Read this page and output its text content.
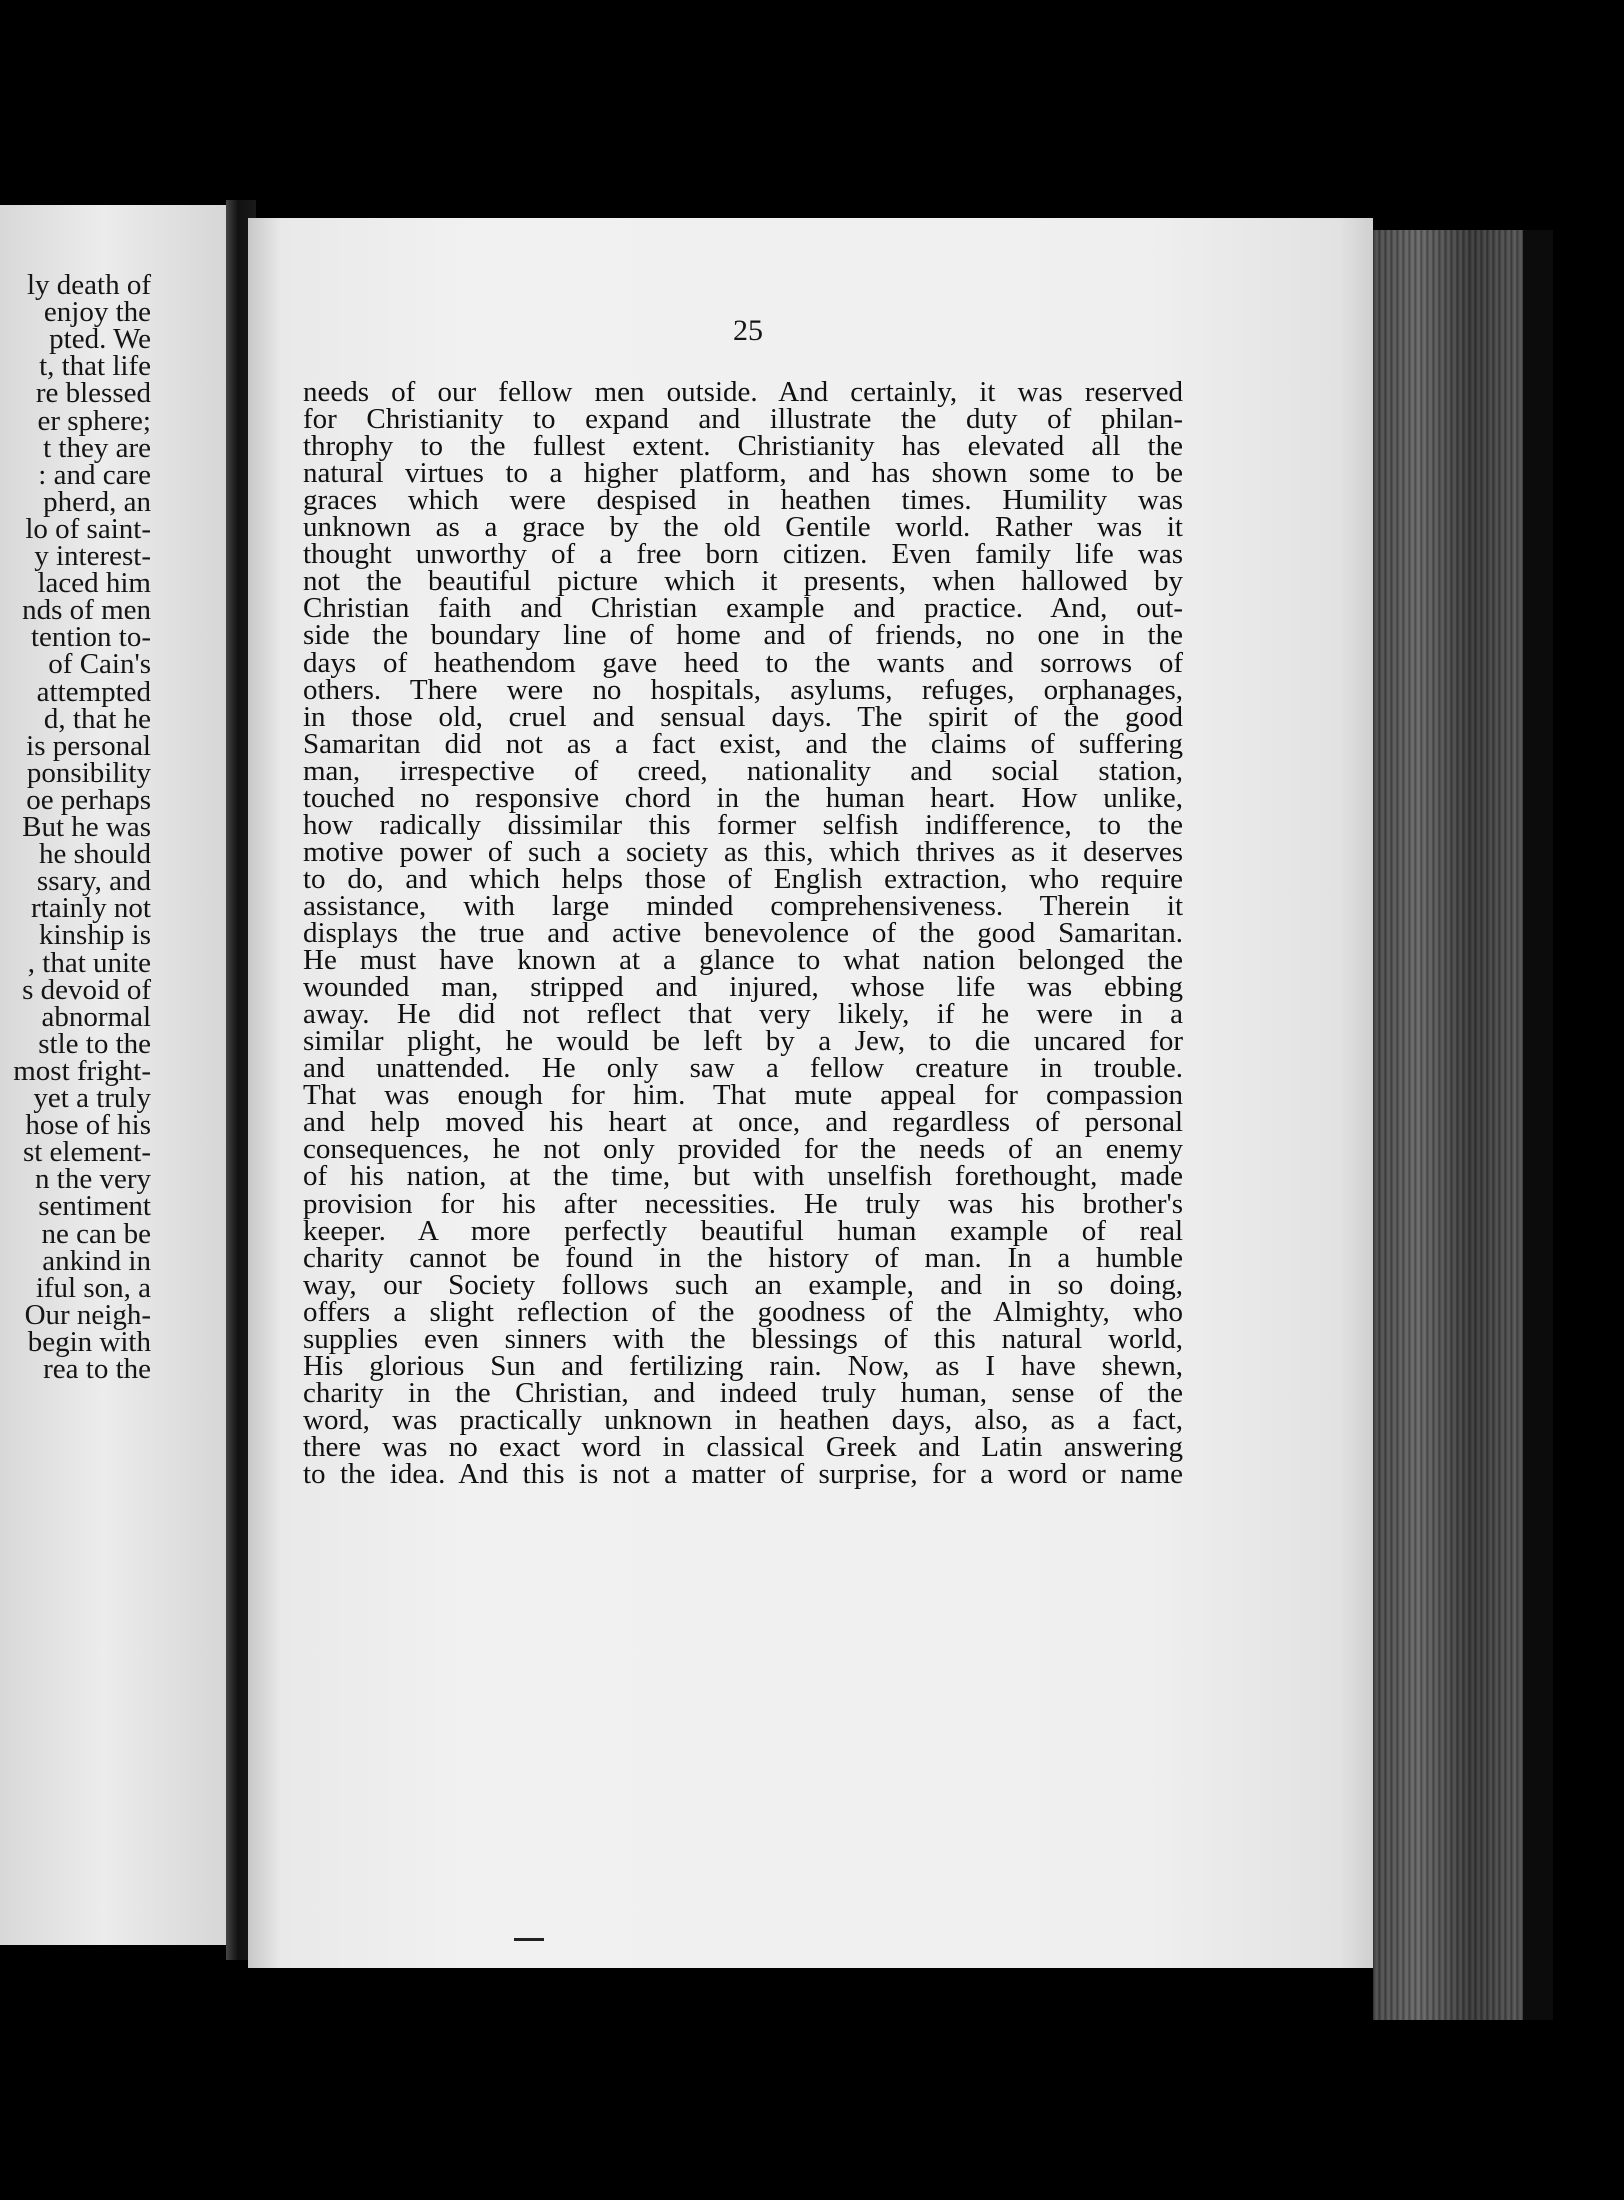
ly death of
enjoy the
pted. We
t, that life
re blessed
er sphere;
t they are
: and care
pherd, an
lo of saint-
y interest-
laced him
nds of men
tention to-
of Cain's
attempted
d, that he
is personal
ponsibility
oe perhaps
But he was
he should
ssary, and
rtainly not
kinship is
, that unite
s devoid of
abnormal
stle to the
most fright-
yet a truly
hose of his
st element-
n the very
sentiment
ne can be
ankind in
iful son, a
Our neigh-
begin with
rea to the
25
needs of our fellow men outside. And certainly, it was reserved
for Christianity to expand and illustrate the duty of philan-
throphy to the fullest extent. Christianity has elevated all the
natural virtues to a higher platform, and has shown some to be
graces which were despised in heathen times. Humility was
unknown as a grace by the old Gentile world. Rather was it
thought unworthy of a free born citizen. Even family life was
not the beautiful picture which it presents, when hallowed by
Christian faith and Christian example and practice. And, out-
side the boundary line of home and of friends, no one in the
days of heathendom gave heed to the wants and sorrows of
others. There were no hospitals, asylums, refuges, orphanages,
in those old, cruel and sensual days. The spirit of the good
Samaritan did not as a fact exist, and the claims of suffering
man, irrespective of creed, nationality and social station,
touched no responsive chord in the human heart. How unlike,
how radically dissimilar this former selfish indifference, to the
motive power of such a society as this, which thrives as it deserves
to do, and which helps those of English extraction, who require
assistance, with large minded comprehensiveness. Therein it
displays the true and active benevolence of the good Samaritan.
He must have known at a glance to what nation belonged the
wounded man, stripped and injured, whose life was ebbing
away. He did not reflect that very likely, if he were in a
similar plight, he would be left by a Jew, to die uncared for
and unattended. He only saw a fellow creature in trouble.
That was enough for him. That mute appeal for compassion
and help moved his heart at once, and regardless of personal
consequences, he not only provided for the needs of an enemy
of his nation, at the time, but with unselfish forethought, made
provision for his after necessities. He truly was his brother's
keeper. A more perfectly beautiful human example of real
charity cannot be found in the history of man. In a humble
way, our Society follows such an example, and in so doing,
offers a slight reflection of the goodness of the Almighty, who
supplies even sinners with the blessings of this natural world,
His glorious Sun and fertilizing rain. Now, as I have shewn,
charity in the Christian, and indeed truly human, sense of the
word, was practically unknown in heathen days, also, as a fact,
there was no exact word in classical Greek and Latin answering
to the idea. And this is not a matter of surprise, for a word or name
